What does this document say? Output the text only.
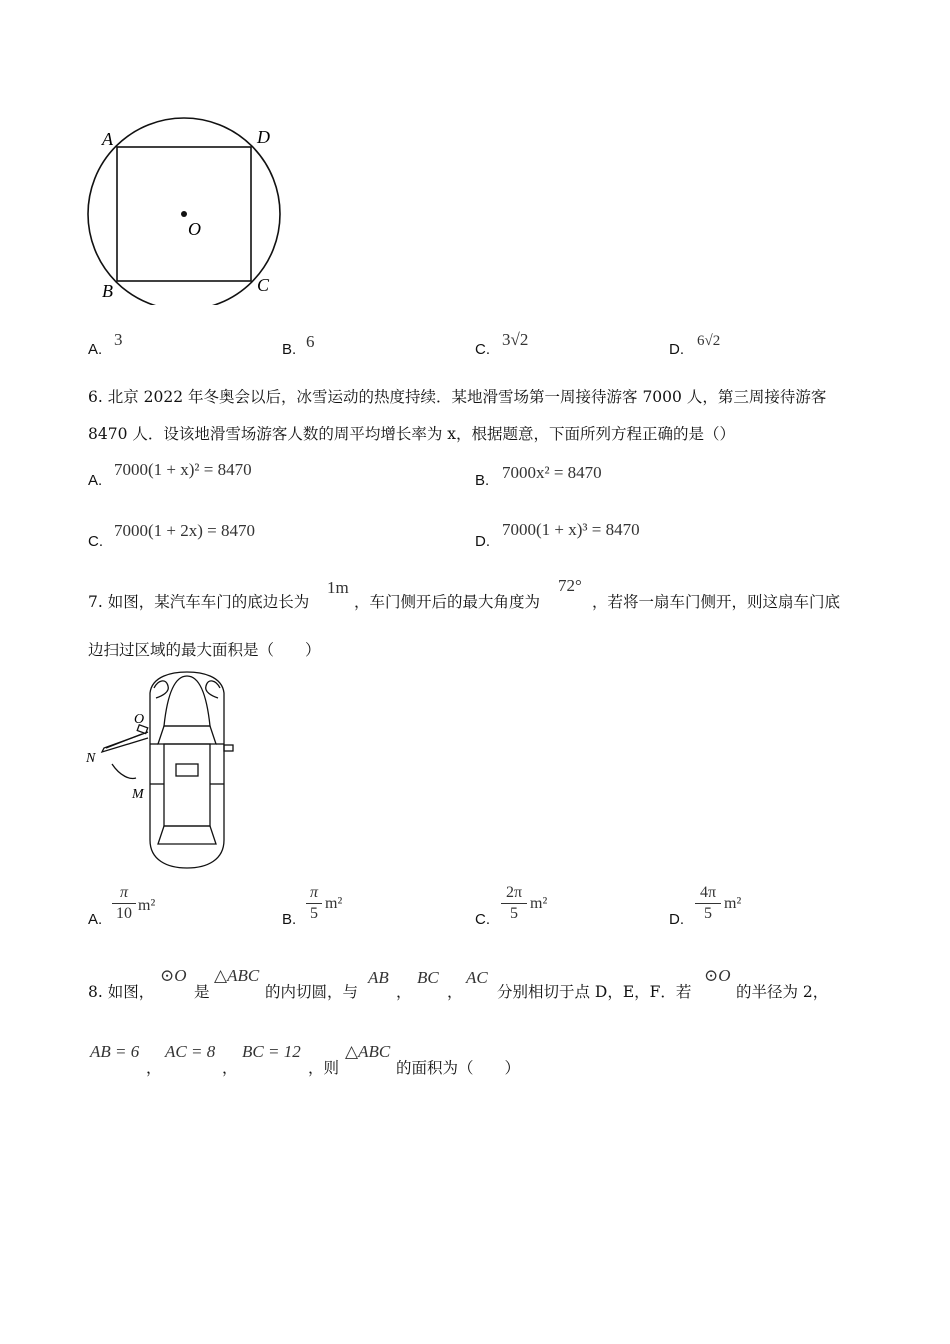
A	D
B	C
O
A.
3
B. 6	C.
3√2
D. 6√2
6. 北京 2022 年冬奥会以后，冰雪运动的热度持续．某地滑雪场第一周接待游客 7000 人，第三周接待游客
8470 人．设该地滑雪场游客人数的周平均增长率为 x，根据题意，下面所列方程正确的是（）
A.
7000(1 + x)² = 8470
B. 7000x² = 8470
C.
7000(1 + 2x) = 8470
D.
7000(1 + x)³ = 8470
7. 如图，某汽车车门的底边长为
1m
，车门侧开后的最大角度为
72°
，若将一扇车门侧开，则这扇车门底
边扫过区域的最大面积是（　　）
O
N
M
A.
π
10 m²
B.
π
5
m²
C.
2π
5
m²
D.
4π
5
m²
8. 如图，
⊙O
是
△ABC
的内切圆，与
AB
，
BC
，
AC
分别相切于点 D，E，F．若
⊙O
的半径为 2，
AB = 6
，
AC = 8
，
BC = 12
，则
△ABC
的面积为（　　）
